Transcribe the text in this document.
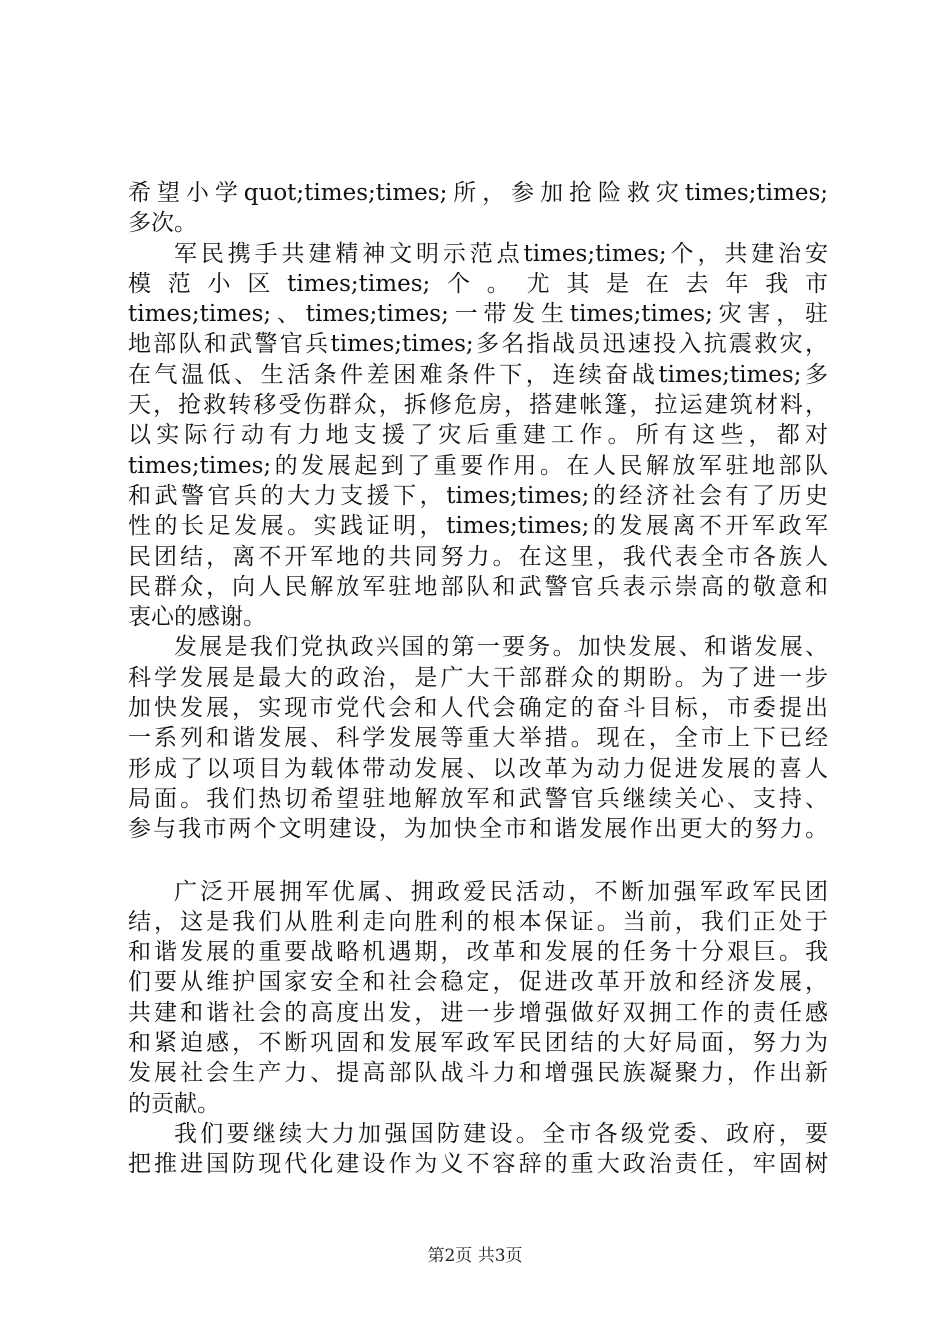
希望小学quot;times;times;所，参加抢险救灾times;times;
多次。
军民携手共建精神文明示范点times;times;个，共建治安
模范小区times;times;个。尤其是在去年我市
times;times;、times;times;一带发生times;times;灾害，驻
地部队和武警官兵times;times;多名指战员迅速投入抗震救灾，
在气温低、生活条件差困难条件下，连续奋战times;times;多
天，抢救转移受伤群众，拆修危房，搭建帐篷，拉运建筑材料，
以实际行动有力地支援了灾后重建工作。所有这些，都对
times;times;的发展起到了重要作用。在人民解放军驻地部队
和武警官兵的大力支援下，times;times;的经济社会有了历史
性的长足发展。实践证明，times;times;的发展离不开军政军
民团结，离不开军地的共同努力。在这里，我代表全市各族人
民群众，向人民解放军驻地部队和武警官兵表示崇高的敬意和
衷心的感谢。
发展是我们党执政兴国的第一要务。加快发展、和谐发展、
科学发展是最大的政治，是广大干部群众的期盼。为了进一步
加快发展，实现市党代会和人代会确定的奋斗目标，市委提出
一系列和谐发展、科学发展等重大举措。现在，全市上下已经
形成了以项目为载体带动发展、以改革为动力促进发展的喜人
局面。我们热切希望驻地解放军和武警官兵继续关心、支持、
参与我市两个文明建设，为加快全市和谐发展作出更大的努力。
广泛开展拥军优属、拥政爱民活动，不断加强军政军民团
结，这是我们从胜利走向胜利的根本保证。当前，我们正处于
和谐发展的重要战略机遇期，改革和发展的任务十分艰巨。我
们要从维护国家安全和社会稳定，促进改革开放和经济发展，
共建和谐社会的高度出发，进一步增强做好双拥工作的责任感
和紧迫感，不断巩固和发展军政军民团结的大好局面，努力为
发展社会生产力、提高部队战斗力和增强民族凝聚力，作出新
的贡献。
我们要继续大力加强国防建设。全市各级党委、政府，要
把推进国防现代化建设作为义不容辞的重大政治责任，牢固树
第2页 共3页
